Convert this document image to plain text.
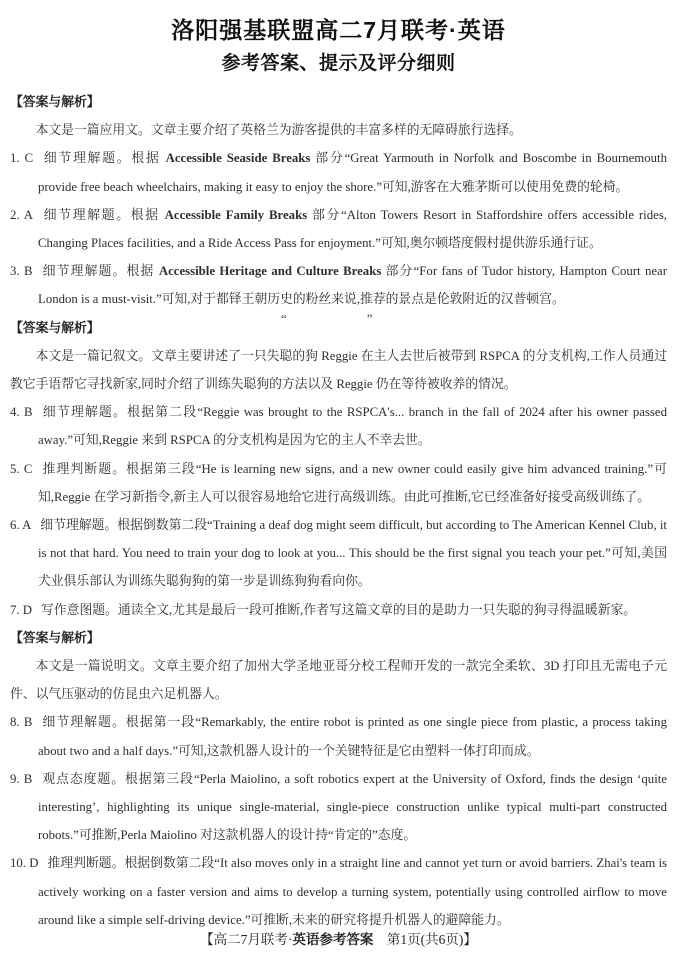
洛阳强基联盟高二7月联考·英语
参考答案、提示及评分细则
【答案与解析】

本文是一篇应用文。文章主要介绍了英格兰为游客提供的丰富多样的无障碍旅行选择。

1. C 细节理解题。根据 Accessible Seaside Breaks 部分“Great Yarmouth in Norfolk and Boscombe in Bournemouth provide free beach wheelchairs, making it easy to enjoy the shore.”可知,游客在大雅茅斯可以使用免费的轮椅。

2. A 细节理解题。根据 Accessible Family Breaks 部分“Alton Towers Resort in Staffordshire offers accessible rides, Changing Places facilities, and a Ride Access Pass for enjoyment.”可知,奥尔顿塔度假村提供游乐通行证。

3. B 细节理解题。根据 Accessible Heritage and Culture Breaks 部分“For fans of Tudor history, Hampton Court near London is a must-visit.”可知,对于都铎王朝历史的粉丝来说,推荐的景点是伦敦附近的汉普顿宫。

【答案与解析】

本文是一篇记叙文。文章主要讲述了一只失聪的狗 Reggie 在主人去世后被带到 RSPCA 的分支机构,工作人员通过教它手语帮它寻找新家,同时介绍了训练失聪狗的方法以及 Reggie 仍在等待被收养的情况。

4. B 细节理解题。根据第二段“Reggie was brought to the RSPCA's... branch in the fall of 2024 after his owner passed away.”可知,Reggie 来到 RSPCA 的分支机构是因为它的主人不幸去世。

5. C 推理判断题。根据第三段“He is learning new signs, and a new owner could easily give him advanced training.”可知,Reggie 在学习新指令,新主人可以很容易地给它进行高级训练。由此可推断,它已经准备好接受高级训练了。

6. A 细节理解题。根据倒数第二段“Training a deaf dog might seem difficult, but according to The American Kennel Club, it is not that hard. You need to train your dog to look at you... This should be the first signal you teach your pet.”可知,美国犬业俱乐部认为训练失聪狗狗的第一步是训练狗狗看向你。

7. D 写作意图题。通读全文,尤其是最后一段可推断,作者写这篇文章的目的是助力一只失聪的狗寻得温暖新家。

【答案与解析】

本文是一篇说明文。文章主要介绍了加州大学圣地亚哥分校工程师开发的一款完全柔软、3D 打印且无需电子元件、以气压驱动的仿昆虫六足机器人。

8. B 细节理解题。根据第一段“Remarkably, the entire robot is printed as one single piece from plastic, a process taking about two and a half days.”可知,这款机器人设计的一个关键特征是它由塑料一体打印而成。

9. B 观点态度题。根据第三段“Perla Maiolino, a soft robotics expert at the University of Oxford, finds the design ‘quite interesting’, highlighting its unique single-material, single-piece construction unlike typical multi-part constructed robots.”可推断,Perla Maiolino 对这款机器人的设计持“肯定的”态度。

10. D 推理判断题。根据倒数第二段“It also moves only in a straight line and cannot yet turn or avoid barriers. Zhai's team is actively working on a faster version and aims to develop a turning system, potentially using controlled airflow to move around like a simple self-driving device.”可推断,未来的研究将提升机器人的避障能力。

“	”
【高二7月联考·英语参考答案　第1页(共6页)】
